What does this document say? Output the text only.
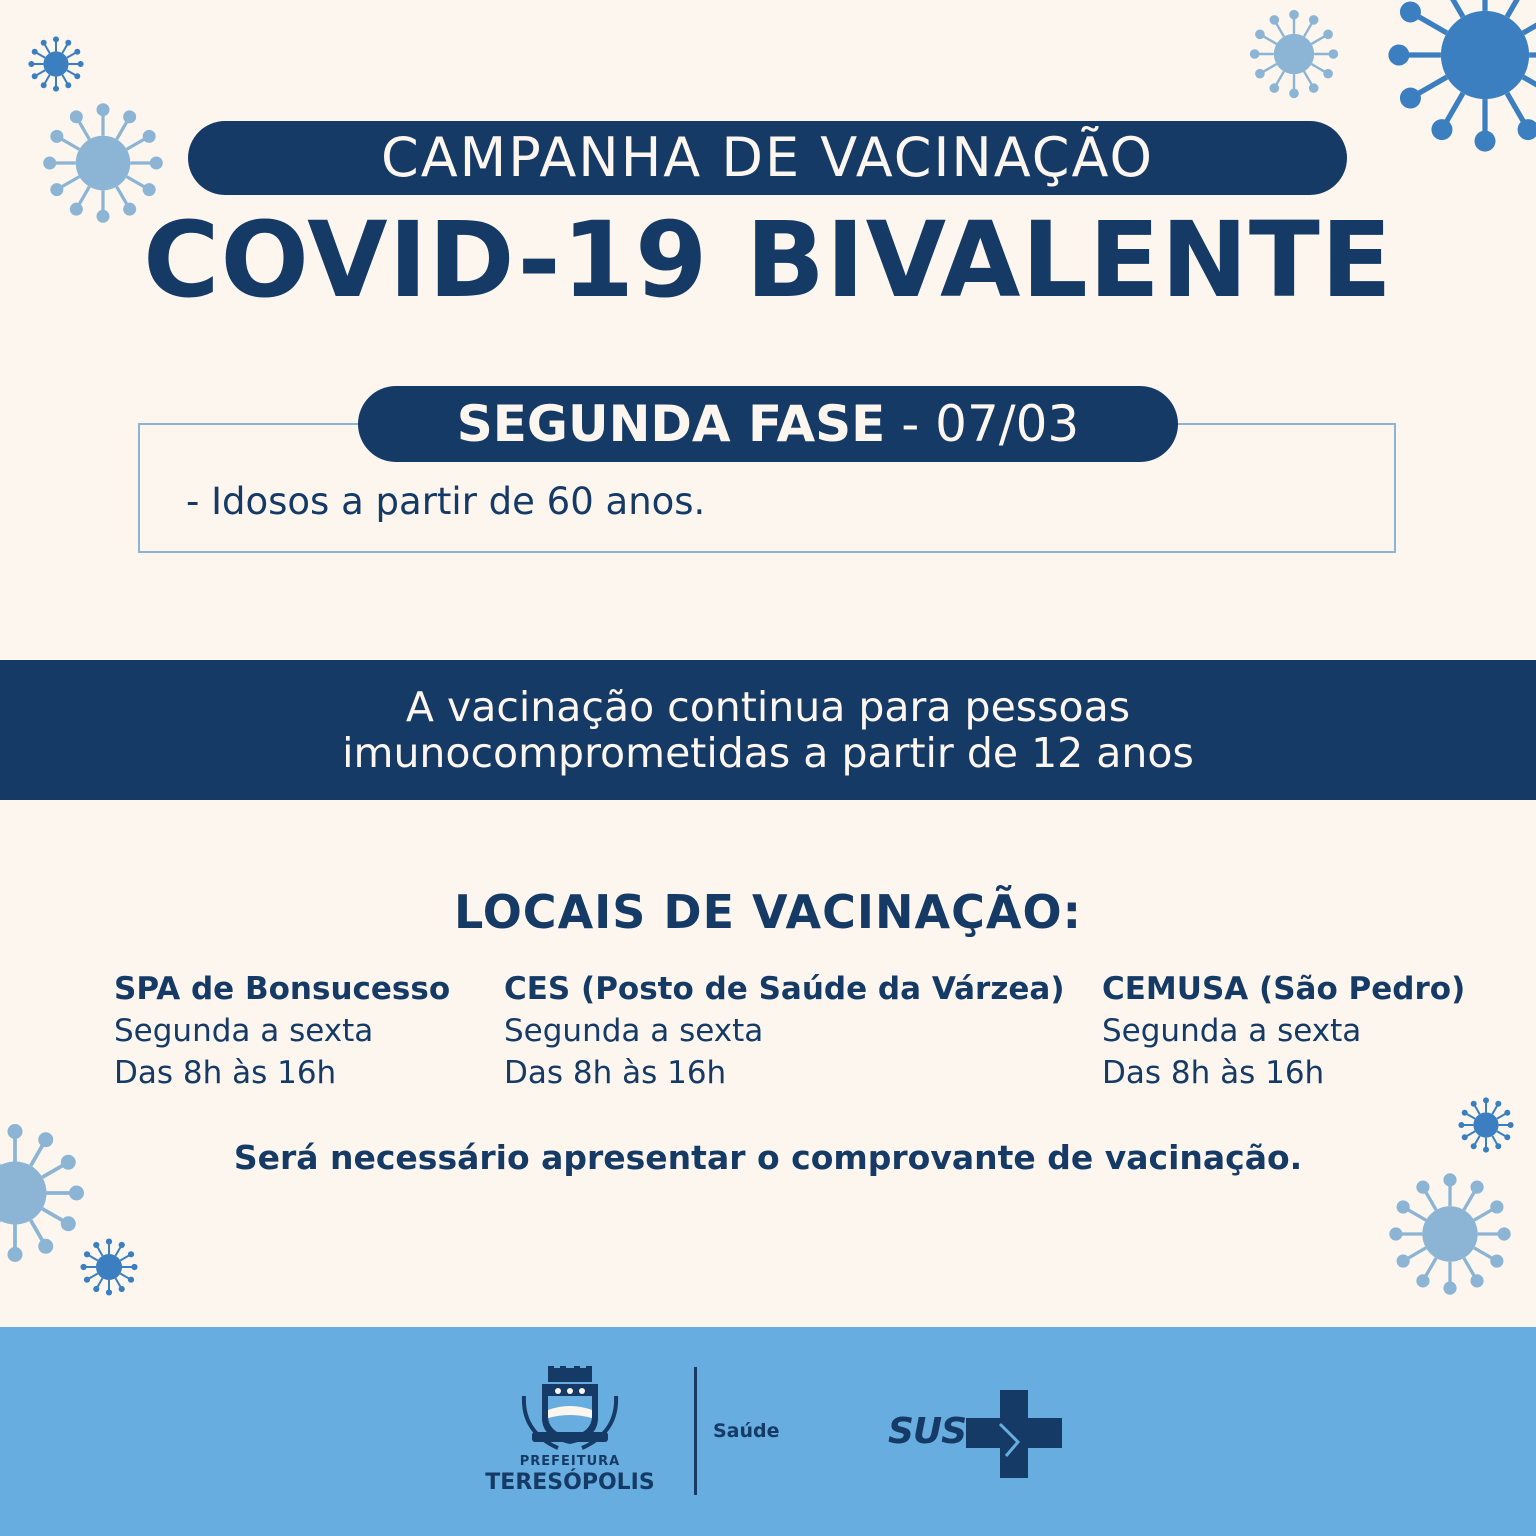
CAMPANHA DE VACINAÇÃO
COVID-19 BIVALENTE
SEGUNDA FASE - 07/03
- Idosos a partir de 60 anos.
A vacinação continua para pessoas
imunocomprometidas a partir de 12 anos
LOCAIS DE VACINAÇÃO:
SPA de Bonsucesso
Segunda a sexta
Das 8h às 16h
CES (Posto de Saúde da Várzea)
Segunda a sexta
Das 8h às 16h
CEMUSA (São Pedro)
Segunda a sexta
Das 8h às 16h
Será necessário apresentar o comprovante de vacinação.
PREFEITURA
TERESÓPOLIS
Saúde	SUS
